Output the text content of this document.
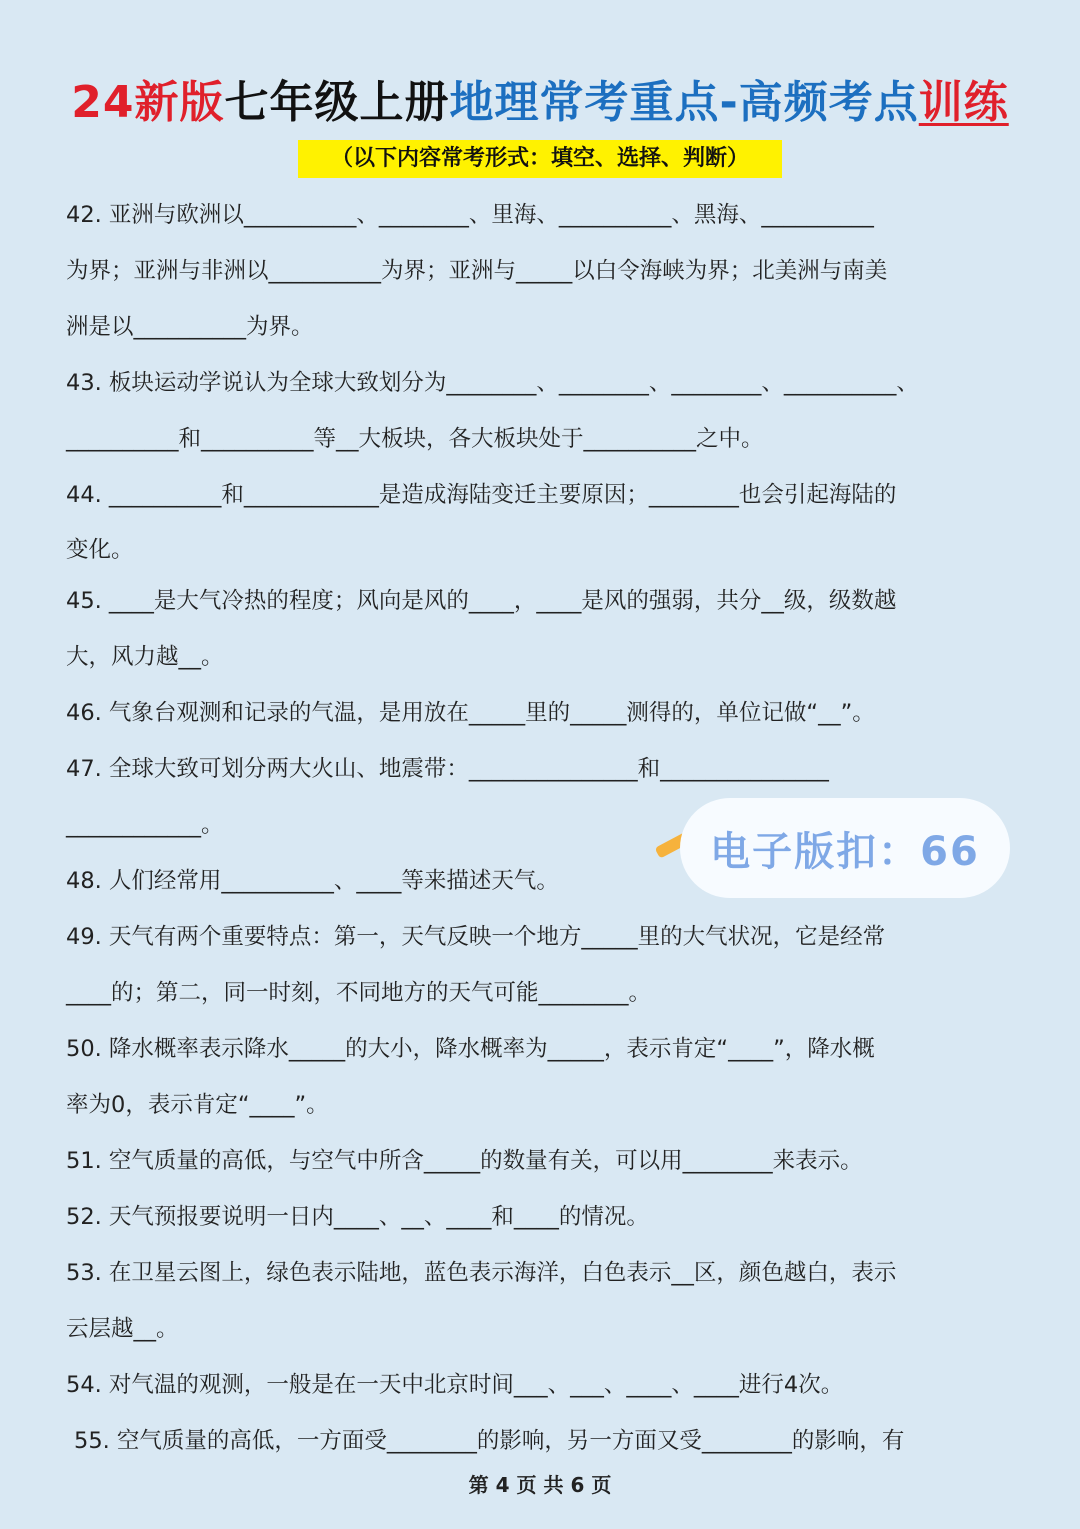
24新版七年级上册地理常考重点-高频考点训练
（以下内容常考形式：填空、选择、判断）
42. 亚洲与欧洲以__________、________、里海、__________、黑海、__________
为界；亚洲与非洲以__________为界；亚洲与_____以白令海峡为界；北美洲与南美
洲是以__________为界。
43. 板块运动学说认为全球大致划分为________、________、________、__________、
__________和__________等__大板块，各大板块处于__________之中。
44. __________和____________是造成海陆变迁主要原因；________也会引起海陆的
变化。
45. ____是大气冷热的程度；风向是风的____，____是风的强弱，共分__级，级数越
大，风力越__。
46. 气象台观测和记录的气温，是用放在_____里的_____测得的，单位记做“__”。
47. 全球大致可划分两大火山、地震带：_______________和_______________
____________。
48. 人们经常用__________、____等来描述天气。
49. 天气有两个重要特点：第一，天气反映一个地方_____里的大气状况，它是经常
____的；第二，同一时刻，不同地方的天气可能________。
50. 降水概率表示降水_____的大小，降水概率为_____，表示肯定“____”，降水概
率为0，表示肯定“____”。
51. 空气质量的高低，与空气中所含_____的数量有关，可以用________来表示。
52. 天气预报要说明一日内____、__、____和____的情况。
53. 在卫星云图上，绿色表示陆地，蓝色表示海洋，白色表示__区，颜色越白，表示
云层越__。
54. 对气温的观测，一般是在一天中北京时间___、___、____、____进行4次。
55. 空气质量的高低，一方面受________的影响，另一方面又受________的影响，有
电子版扣：66
第 4 页 共 6 页
